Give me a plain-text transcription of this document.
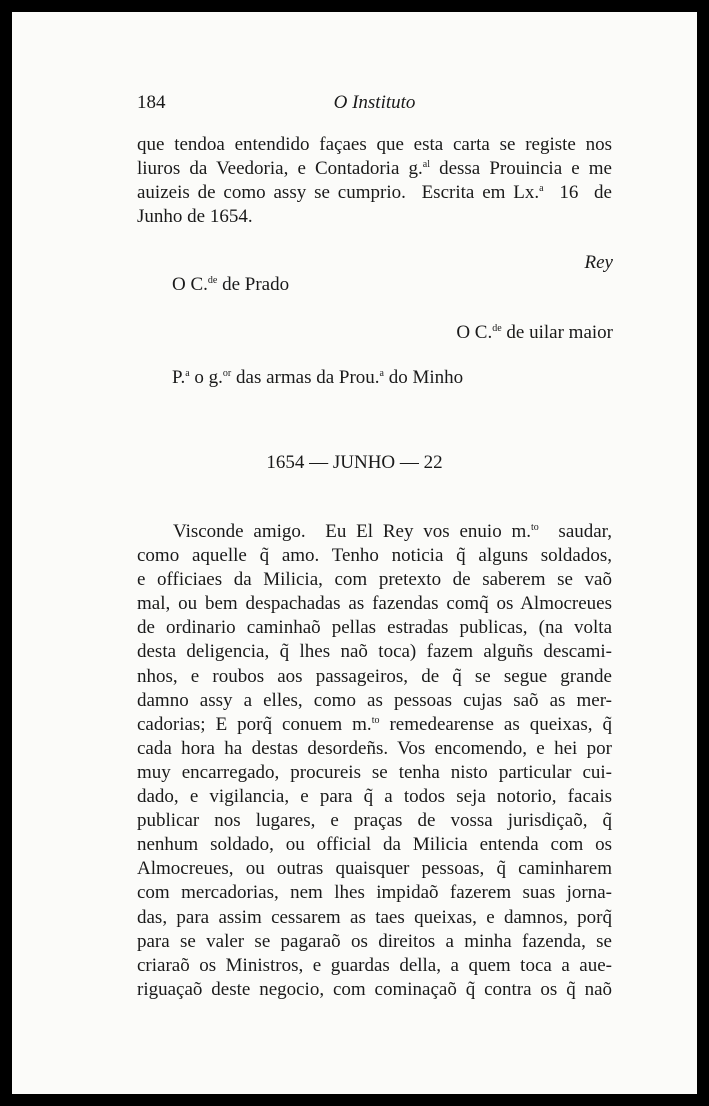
184	O Instituto
que tendoa entendido façaes que esta carta se registe nos
liuros da Veedoria, e Contadoria g.$^{al}$ dessa Prouincia e me
auizeis de como assy se cumprio.  Escrita em Lx.$^a$  16  de
Junho de 1654.
Rey
O C.$^{de}$ de Prado
O C.$^{de}$ de uilar maior
P.$^a$ o g.$^{or}$ das armas da Prou.$^a$ do Minho
1654 — JUNHO — 22
Visconde amigo.  Eu El Rey vos enuio m.$^{to}$  saudar,
como aquelle q̃ amo. Tenho noticia q̃ alguns soldados,
e officiaes da Milicia, com pretexto de saberem se vaõ
mal, ou bem despachadas as fazendas comq̃ os Almocreues
de ordinario caminhaõ pellas estradas publicas, (na volta
desta deligencia, q̃ lhes naõ toca) fazem alguñs descami-
nhos, e roubos aos passageiros, de q̃ se segue grande
damno assy a elles, como as pessoas cujas saõ as mer-
cadorias; E porq̃ conuem m.$^{to}$ remedearense as queixas, q̃
cada hora ha destas desordeñs. Vos encomendo, e hei por
muy encarregado, procureis se tenha nisto particular cui-
dado, e vigilancia, e para q̃ a todos seja notorio, facais
publicar nos lugares, e praças de vossa jurisdiçaõ, q̃
nenhum soldado, ou official da Milicia entenda com os
Almocreues, ou outras quaisquer pessoas, q̃ caminharem
com mercadorias, nem lhes impidaõ fazerem suas jorna-
das, para assim cessarem as taes queixas, e damnos, porq̃
para se valer se pagaraõ os direitos a minha fazenda, se
criaraõ os Ministros, e guardas della, a quem toca a aue-
riguaçaõ deste negocio, com cominaçaõ q̃ contra os q̃ naõ
